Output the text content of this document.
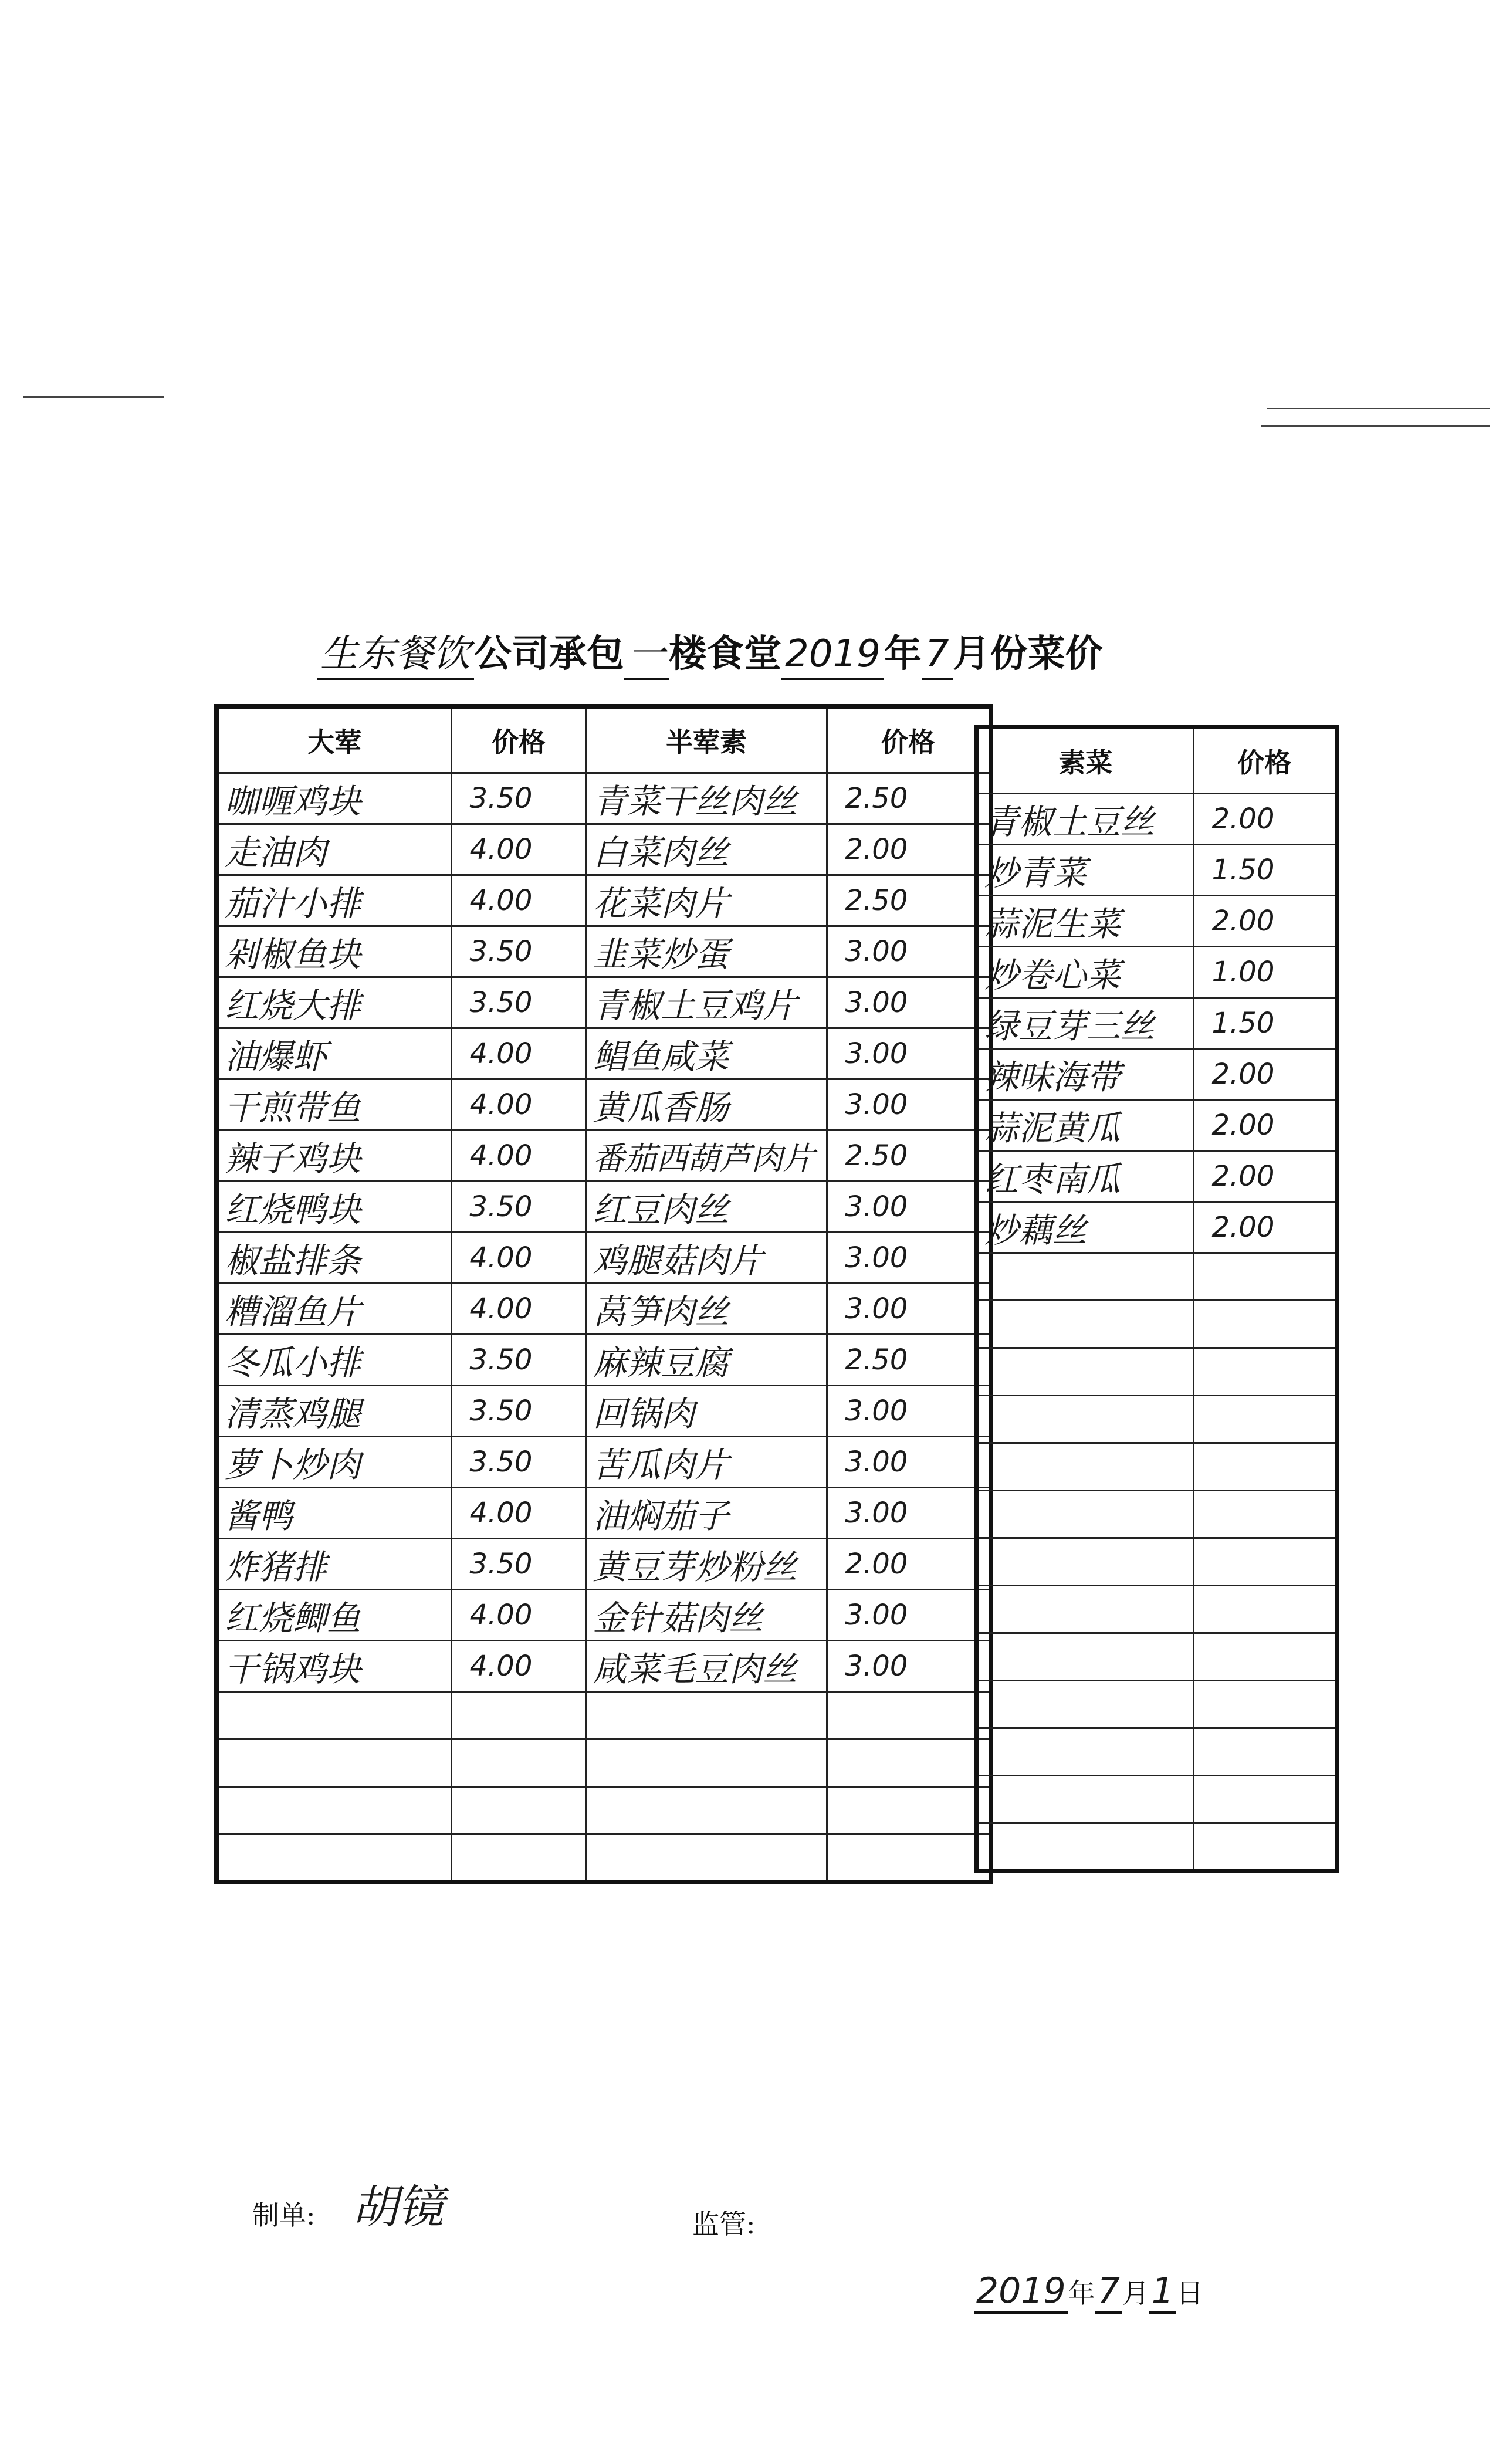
生东餐饮公司承包一楼食堂2019年7月份菜价
大荤	价格	半荤素	价格
咖喱鸡块	3.50	青菜干丝肉丝	2.50
走油肉	4.00	白菜肉丝	2.00
茄汁小排	4.00	花菜肉片	2.50
剁椒鱼块	3.50	韭菜炒蛋	3.00
红烧大排	3.50	青椒土豆鸡片	3.00
油爆虾	4.00	鲳鱼咸菜	3.00
干煎带鱼	4.00	黄瓜香肠	3.00
辣子鸡块	4.00	番茄西葫芦肉片	2.50
红烧鸭块	3.50	红豆肉丝	3.00
椒盐排条	4.00	鸡腿菇肉片	3.00
糟溜鱼片	4.00	莴笋肉丝	3.00
冬瓜小排	3.50	麻辣豆腐	2.50
清蒸鸡腿	3.50	回锅肉	3.00
萝卜炒肉	3.50	苦瓜肉片	3.00
酱鸭	4.00	油焖茄子	3.00
炸猪排	3.50	黄豆芽炒粉丝	2.00
红烧鲫鱼	4.00	金针菇肉丝	3.00
干锅鸡块	4.00	咸菜毛豆肉丝	3.00

素菜	价格
青椒土豆丝	2.00
炒青菜	1.50
蒜泥生菜	2.00
炒卷心菜	1.00
绿豆芽三丝	1.50
辣味海带	2.00
蒜泥黄瓜	2.00
红枣南瓜	2.00
炒藕丝	2.00

制单: 胡镜	监管:
2019年7月1日
